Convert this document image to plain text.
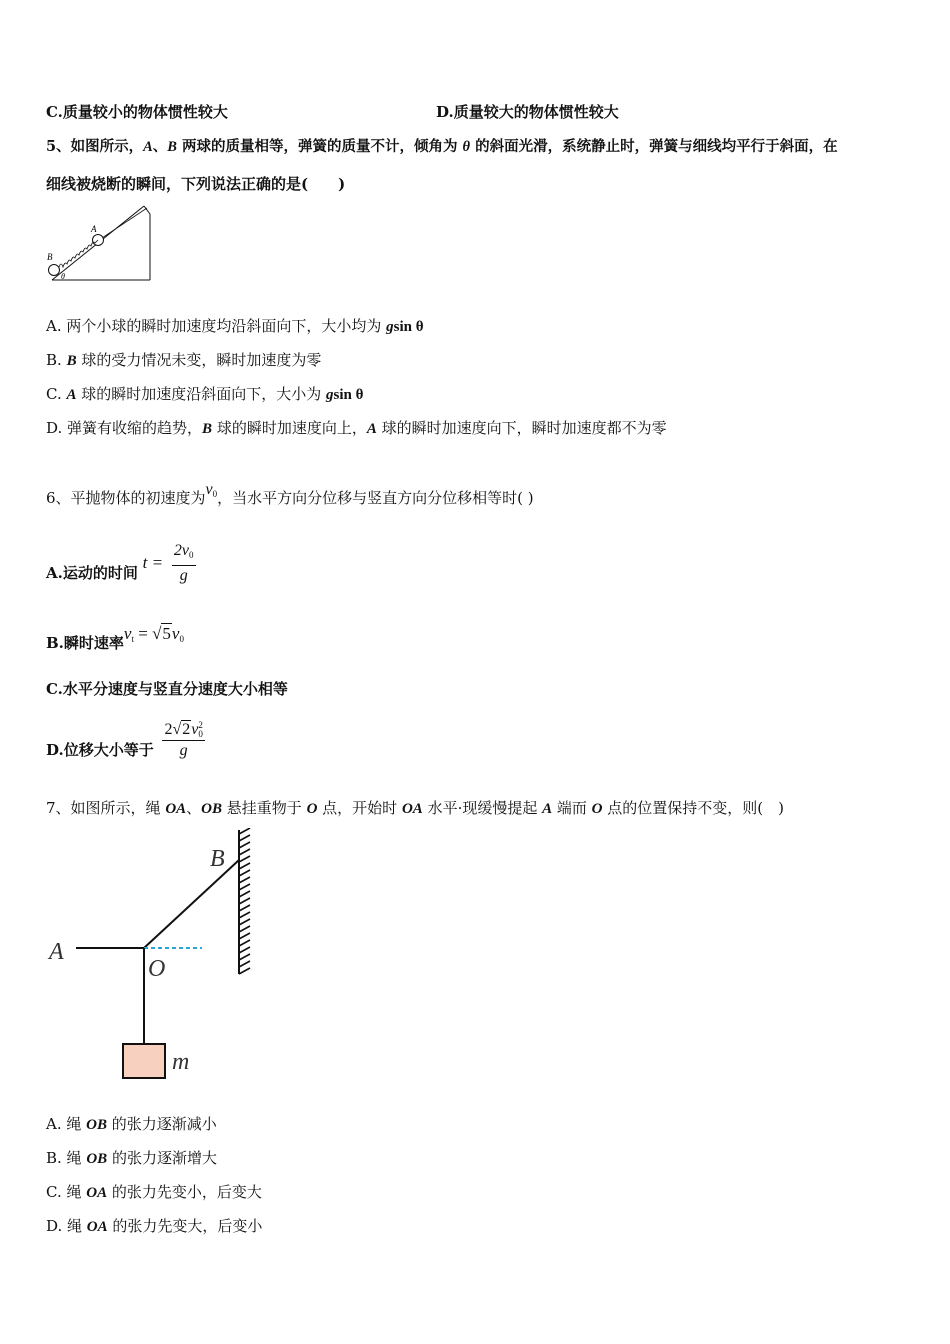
C.质量较小的物体惯性较大	D.质量较大的物体惯性较大
5、如图所示，A、B 两球的质量相等，弹簧的质量不计，倾角为 θ 的斜面光滑，系统静止时，弹簧与细线均平行于斜面，在
细线被烧断的瞬间，下列说法正确的是(　　)
A
B
θ
A. 两个小球的瞬时加速度均沿斜面向下，大小均为 gsin θ
B. B 球的受力情况未变，瞬时加速度为零
C. A 球的瞬时加速度沿斜面向下，大小为 gsin θ
D. 弹簧有收缩的趋势，B 球的瞬时加速度向上，A 球的瞬时加速度向下，瞬时加速度都不为零
6、平抛物体的初速度为$v_0$，当水平方向分位移与竖直方向分位移相等时( )
A.运动的时间 $t = \frac{2v_0}{g}$
B.瞬时速率$v_t = √5v_0$
C.水平分速度与竖直分速度大小相等
D.位移大小等于 2√2v 2
0
g
7、如图所示，绳 OA、OB 悬挂重物于 O 点，开始时 OA 水平·现缓慢提起 A 端而 O 点的位置保持不变，则(　)
A
B
O
m
A. 绳 OB 的张力逐渐减小
B. 绳 OB 的张力逐渐增大
C. 绳 OA 的张力先变小，后变大
D. 绳 OA 的张力先变大，后变小
